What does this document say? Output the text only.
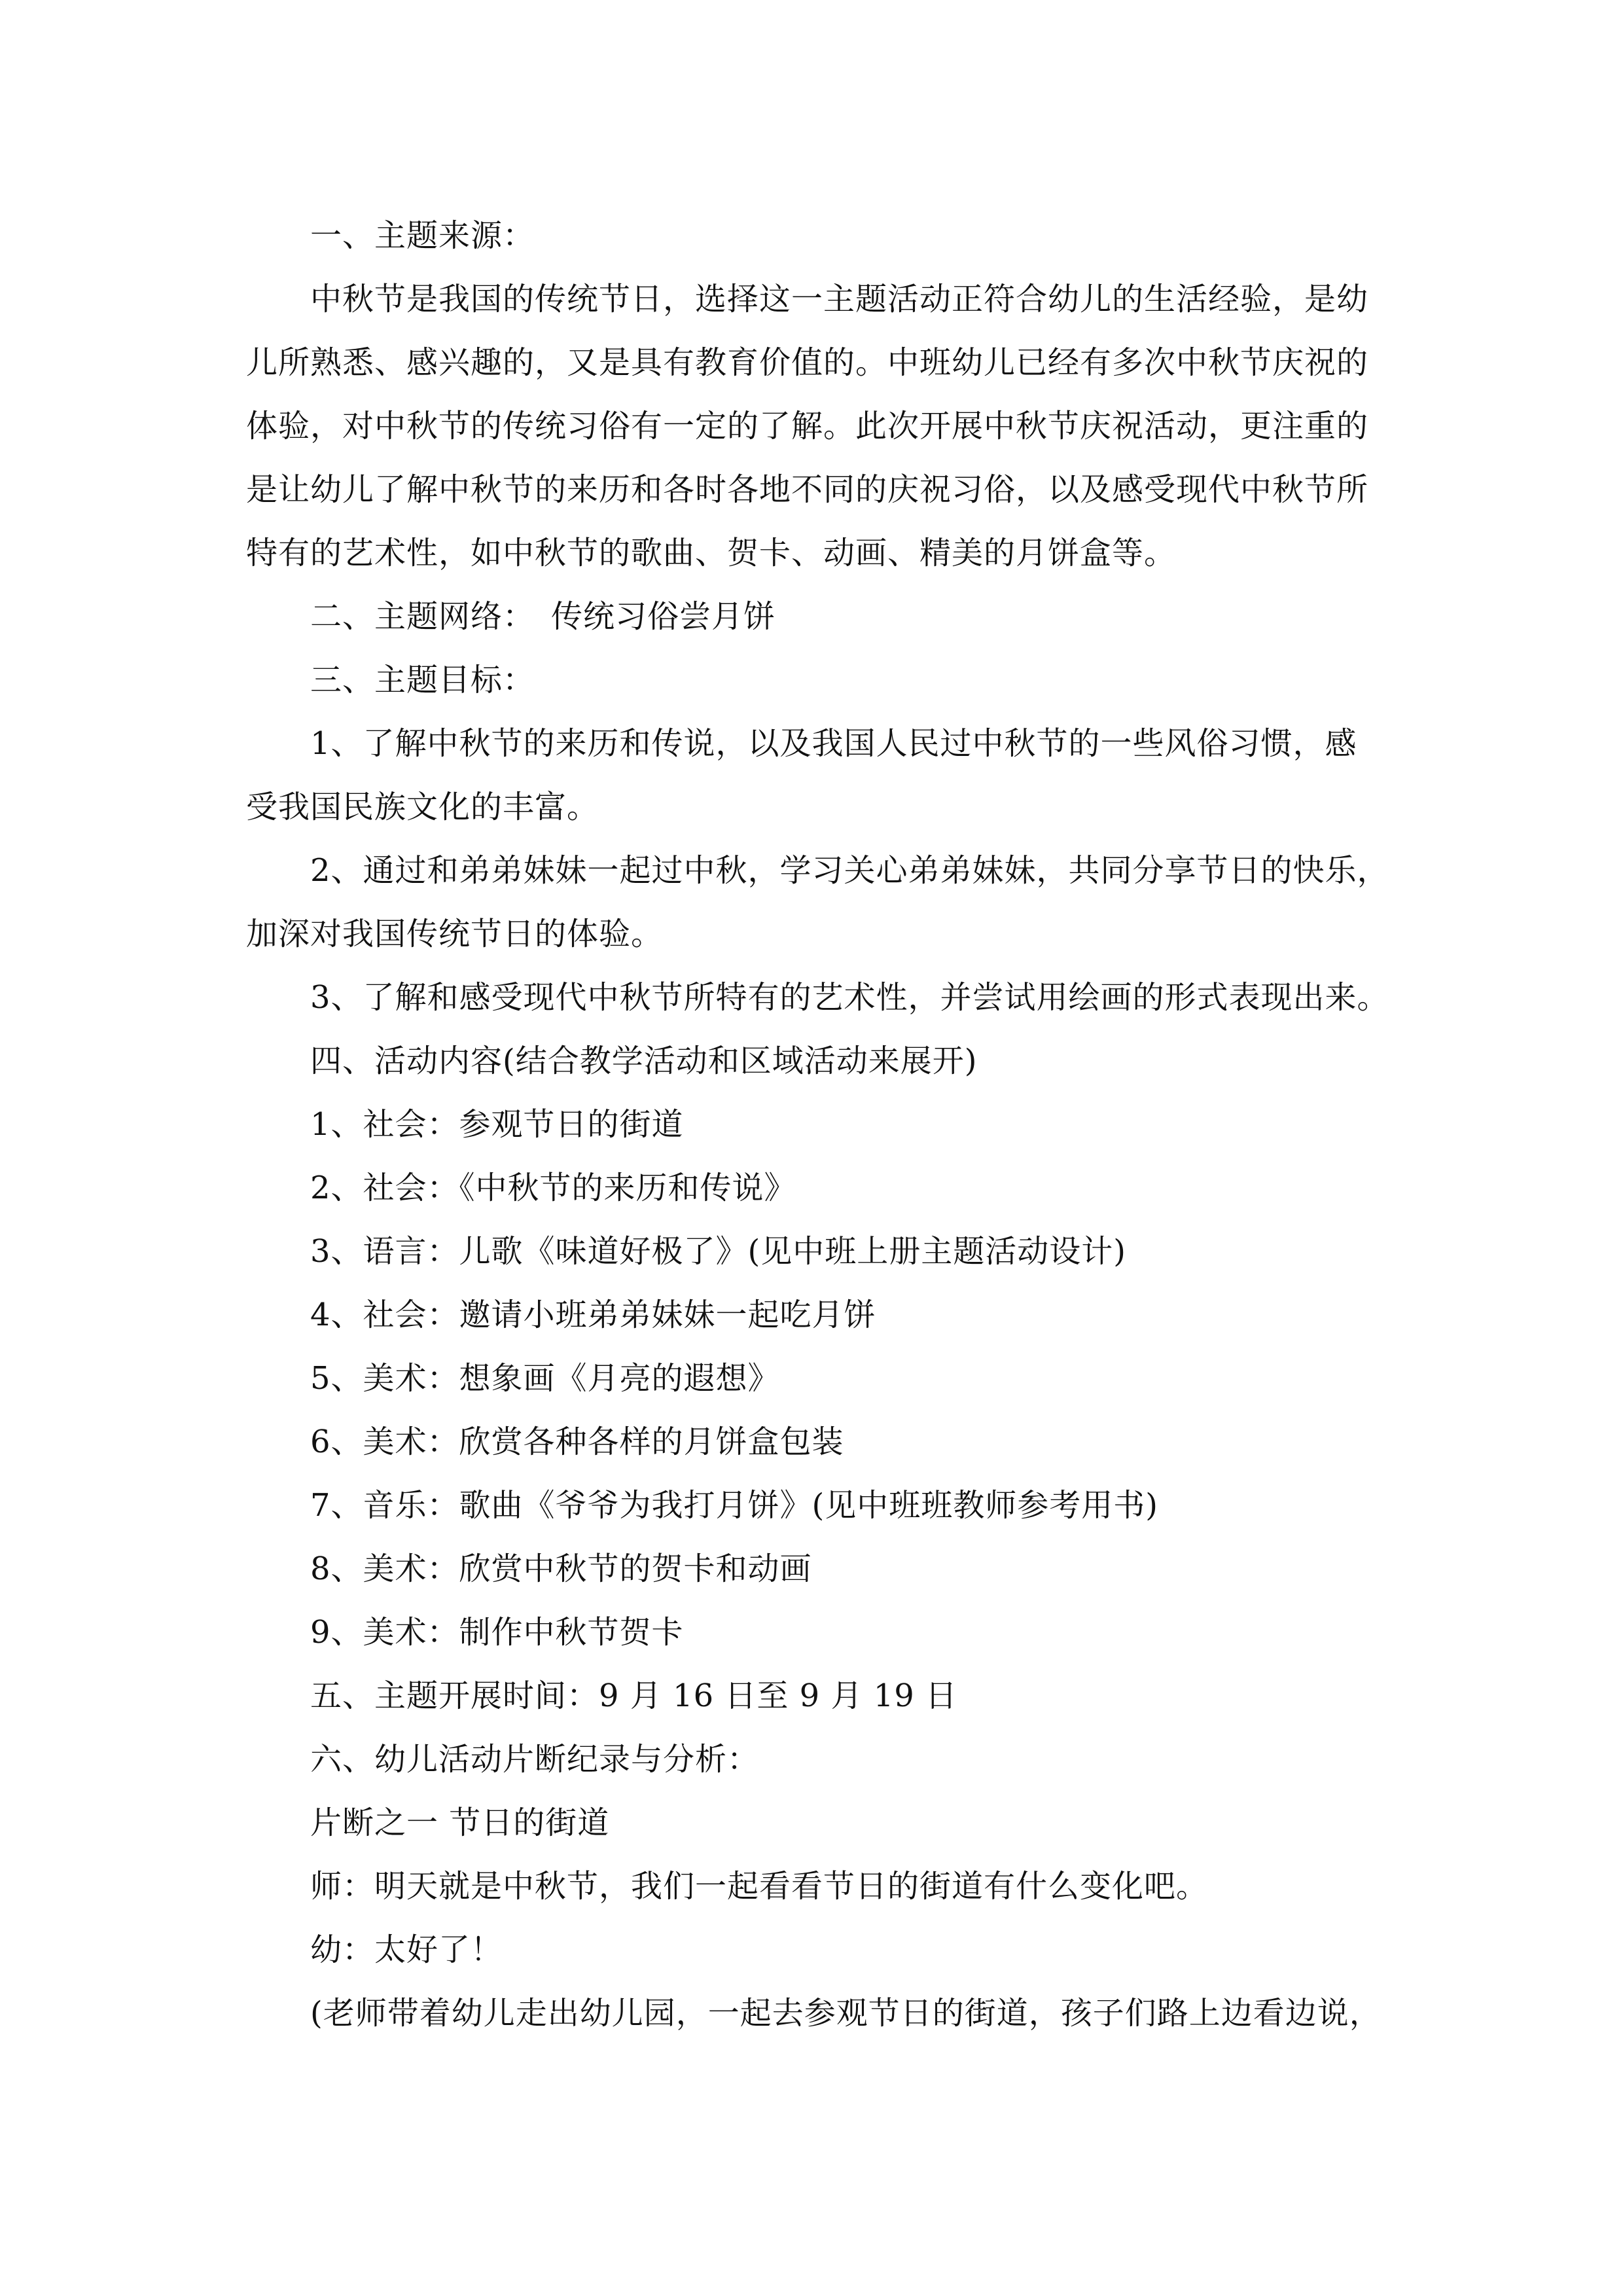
一、主题来源：
中秋节是我国的传统节日，选择这一主题活动正符合幼儿的生活经验，是幼
儿所熟悉、感兴趣的，又是具有教育价值的。中班幼儿已经有多次中秋节庆祝的
体验，对中秋节的传统习俗有一定的了解。此次开展中秋节庆祝活动，更注重的
是让幼儿了解中秋节的来历和各时各地不同的庆祝习俗，以及感受现代中秋节所
特有的艺术性，如中秋节的歌曲、贺卡、动画、精美的月饼盒等。
二、主题网络：　传统习俗尝月饼
三、主题目标：
1、了解中秋节的来历和传说，以及我国人民过中秋节的一些风俗习惯，感
受我国民族文化的丰富。
2、通过和弟弟妹妹一起过中秋，学习关心弟弟妹妹，共同分享节日的快乐，
加深对我国传统节日的体验。
3、了解和感受现代中秋节所特有的艺术性，并尝试用绘画的形式表现出来。
四、活动内容(结合教学活动和区域活动来展开)
1、社会：参观节日的街道
2、社会：《中秋节的来历和传说》
3、语言：儿歌《味道好极了》(见中班上册主题活动设计)
4、社会：邀请小班弟弟妹妹一起吃月饼
5、美术：想象画《月亮的遐想》
6、美术：欣赏各种各样的月饼盒包装
7、音乐：歌曲《爷爷为我打月饼》(见中班班教师参考用书)
8、美术：欣赏中秋节的贺卡和动画
9、美术：制作中秋节贺卡
五、主题开展时间：9 月 16 日至 9 月 19 日
六、幼儿活动片断纪录与分析：
片断之一 节日的街道
师：明天就是中秋节，我们一起看看节日的街道有什么变化吧。
幼：太好了！
(老师带着幼儿走出幼儿园，一起去参观节日的街道，孩子们路上边看边说，
